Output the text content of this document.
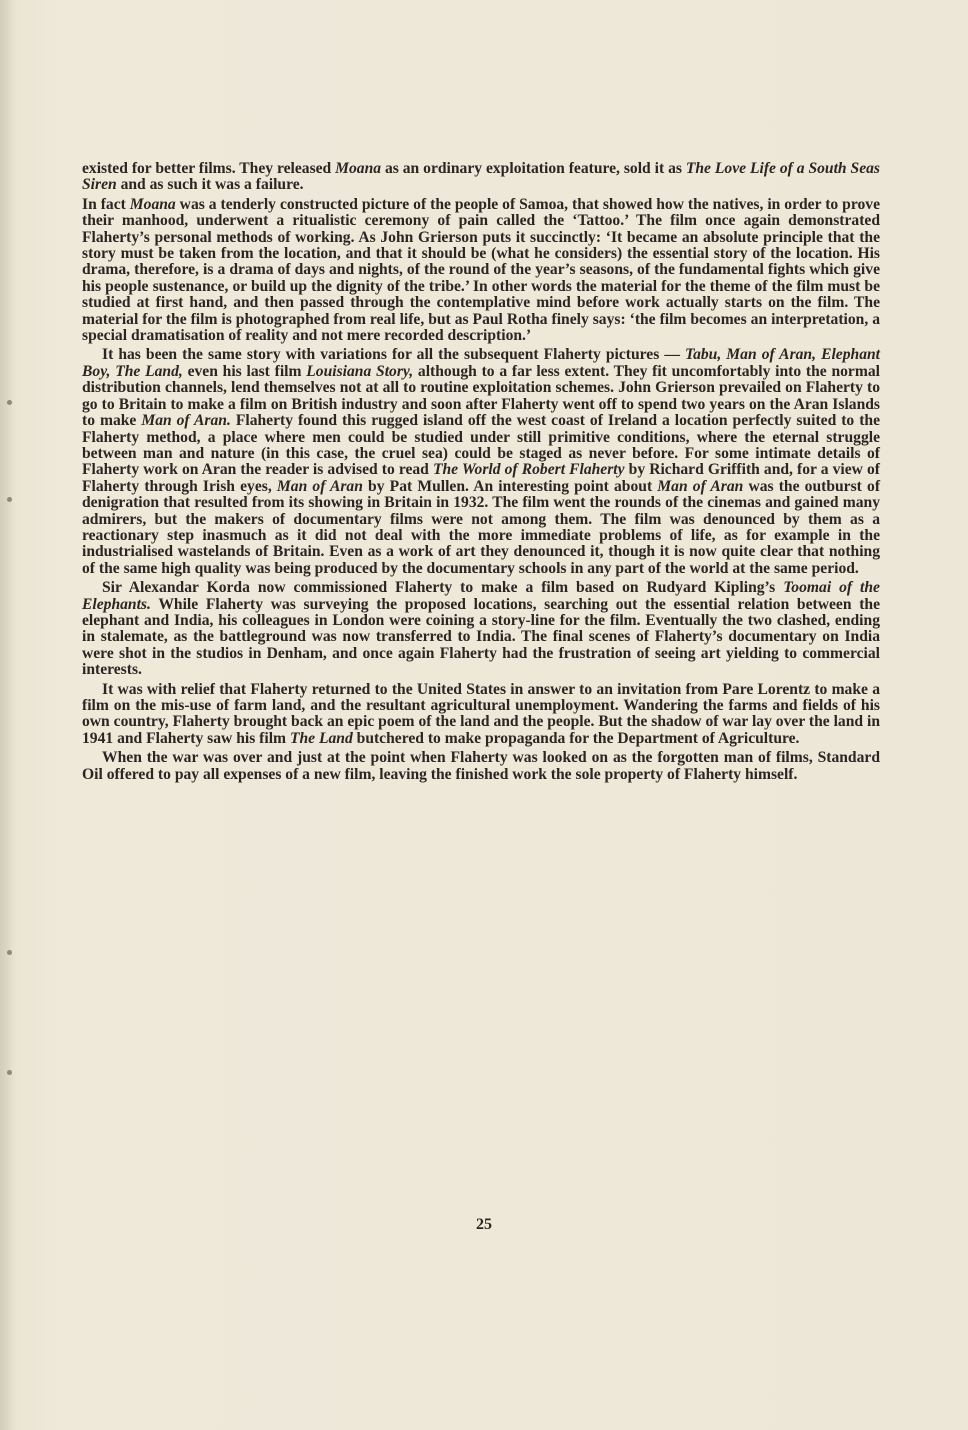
existed for better films. They released Moana as an ordinary exploitation feature, sold it as The Love Life of a South Seas Siren and as such it was a failure.

In fact Moana was a tenderly constructed picture of the people of Samoa, that showed how the natives, in order to prove their manhood, underwent a ritualistic ceremony of pain called the ‘Tattoo.’ The film once again demonstrated Flaherty’s personal methods of working. As John Grierson puts it succinctly: ‘It became an absolute principle that the story must be taken from the location, and that it should be (what he considers) the essential story of the location. His drama, therefore, is a drama of days and nights, of the round of the year’s seasons, of the fundamental fights which give his people sustenance, or build up the dignity of the tribe.’ In other words the material for the theme of the film must be studied at first hand, and then passed through the contemplative mind before work actually starts on the film. The material for the film is photographed from real life, but as Paul Rotha finely says: ‘the film becomes an interpretation, a special dramatisation of reality and not mere recorded description.’

It has been the same story with variations for all the subsequent Flaherty pictures — Tabu, Man of Aran, Elephant Boy, The Land, even his last film Louisiana Story, although to a far less extent. They fit uncomfortably into the normal distribution channels, lend themselves not at all to routine exploitation schemes. John Grierson prevailed on Flaherty to go to Britain to make a film on British industry and soon after Flaherty went off to spend two years on the Aran Islands to make Man of Aran. Flaherty found this rugged island off the west coast of Ireland a location perfectly suited to the Flaherty method, a place where men could be studied under still primitive conditions, where the eternal struggle between man and nature (in this case, the cruel sea) could be staged as never before. For some intimate details of Flaherty work on Aran the reader is advised to read The World of Robert Flaherty by Richard Griffith and, for a view of Flaherty through Irish eyes, Man of Aran by Pat Mullen. An interesting point about Man of Aran was the outburst of denigration that resulted from its showing in Britain in 1932. The film went the rounds of the cinemas and gained many admirers, but the makers of documentary films were not among them. The film was denounced by them as a reactionary step inasmuch as it did not deal with the more immediate problems of life, as for example in the industrialised wastelands of Britain. Even as a work of art they denounced it, though it is now quite clear that nothing of the same high quality was being produced by the documentary schools in any part of the world at the same period.

Sir Alexandar Korda now commissioned Flaherty to make a film based on Rudyard Kipling’s Toomai of the Elephants. While Flaherty was surveying the proposed locations, searching out the essential relation between the elephant and India, his colleagues in London were coining a story-line for the film. Eventually the two clashed, ending in stalemate, as the battleground was now transferred to India. The final scenes of Flaherty’s documentary on India were shot in the studios in Denham, and once again Flaherty had the frustration of seeing art yielding to commercial interests.

It was with relief that Flaherty returned to the United States in answer to an invitation from Pare Lorentz to make a film on the mis-use of farm land, and the resultant agricultural unemployment. Wandering the farms and fields of his own country, Flaherty brought back an epic poem of the land and the people. But the shadow of war lay over the land in 1941 and Flaherty saw his film The Land butchered to make propaganda for the Department of Agriculture.

When the war was over and just at the point when Flaherty was looked on as the forgotten man of films, Standard Oil offered to pay all expenses of a new film, leaving the finished work the sole property of Flaherty himself.

25
